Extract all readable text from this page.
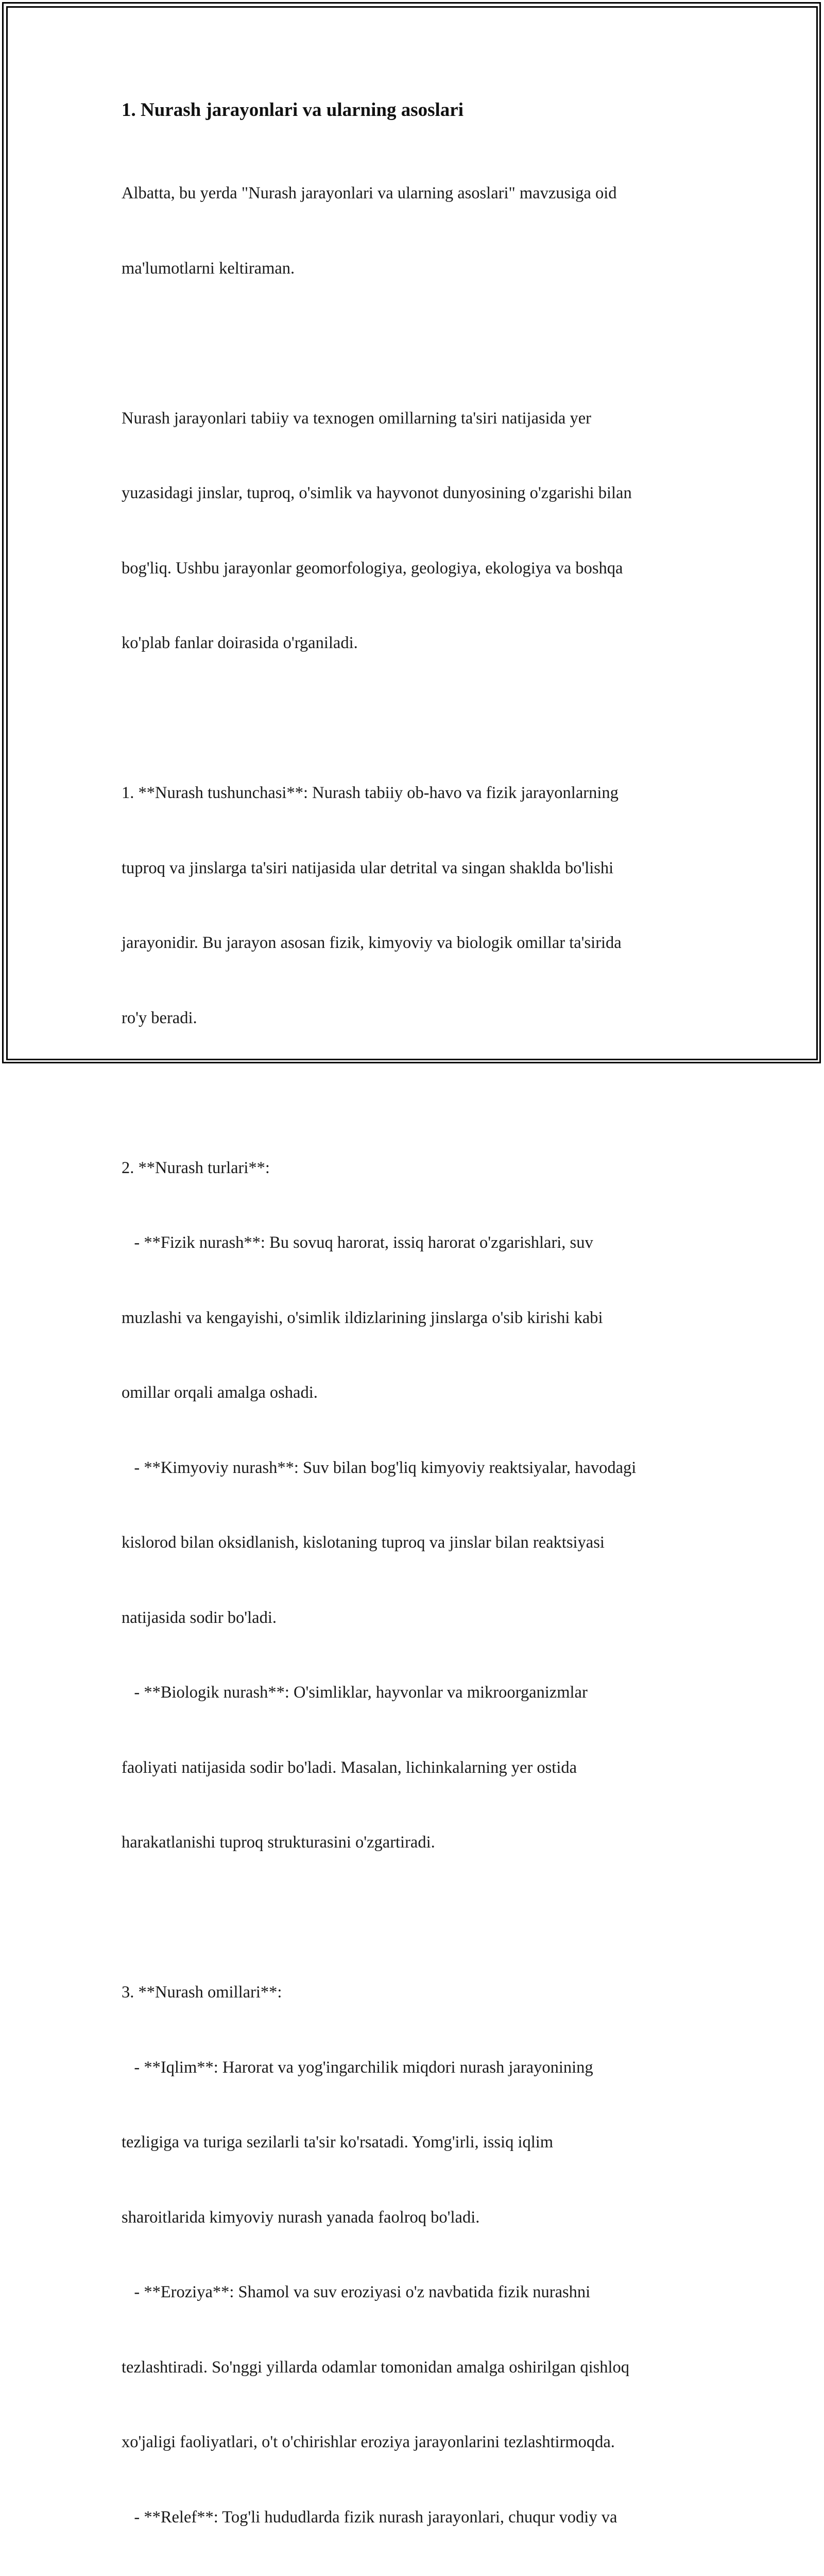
1. Nurash jarayonlari va ularning asoslari

Albatta, bu yerda "Nurash jarayonlari va ularning asoslari" mavzusiga oid

ma'lumotlarni keltiraman.

Nurash jarayonlari tabiiy va texnogen omillarning ta'siri natijasida yer

yuzasidagi jinslar, tuproq, o'simlik va hayvonot dunyosining o'zgarishi bilan

bog'liq. Ushbu jarayonlar geomorfologiya, geologiya, ekologiya va boshqa

ko'plab fanlar doirasida o'rganiladi.

1. **Nurash tushunchasi**: Nurash tabiiy ob-havo va fizik jarayonlarning

tuproq va jinslarga ta'siri natijasida ular detrital va singan shaklda bo'lishi

jarayonidir. Bu jarayon asosan fizik, kimyoviy va biologik omillar ta'sirida

ro'y beradi.

2. **Nurash turlari**:

- **Fizik nurash**: Bu sovuq harorat, issiq harorat o'zgarishlari, suv

muzlashi va kengayishi, o'simlik ildizlarining jinslarga o'sib kirishi kabi

omillar orqali amalga oshadi.

- **Kimyoviy nurash**: Suv bilan bog'liq kimyoviy reaktsiyalar, havodagi

kislorod bilan oksidlanish, kislotaning tuproq va jinslar bilan reaktsiyasi

natijasida sodir bo'ladi.

- **Biologik nurash**: O'simliklar, hayvonlar va mikroorganizmlar

faoliyati natijasida sodir bo'ladi. Masalan, lichinkalarning yer ostida

harakatlanishi tuproq strukturasini o'zgartiradi.

3. **Nurash omillari**:

- **Iqlim**: Harorat va yog'ingarchilik miqdori nurash jarayonining

tezligiga va turiga sezilarli ta'sir ko'rsatadi. Yomg'irli, issiq iqlim

sharoitlarida kimyoviy nurash yanada faolroq bo'ladi.

- **Eroziya**: Shamol va suv eroziyasi o'z navbatida fizik nurashni

tezlashtiradi. So'nggi yillarda odamlar tomonidan amalga oshirilgan qishloq

xo'jaligi faoliyatlari, o't o'chirishlar eroziya jarayonlarini tezlashtirmoqda.

- **Relef**: Tog'li hududlarda fizik nurash jarayonlari, chuqur vodiy va
